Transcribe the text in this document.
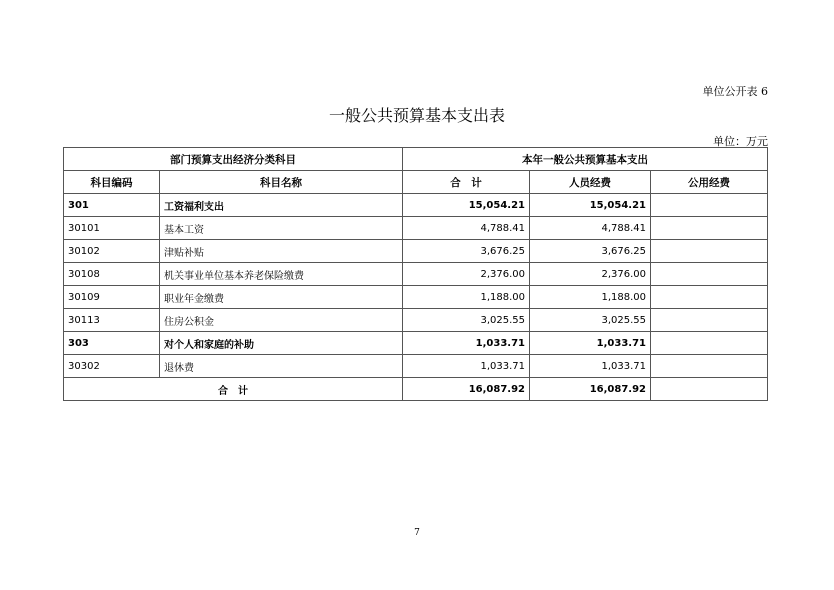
单位公开表 6
一般公共预算基本支出表
单位：万元
部门预算支出经济分类科目		本年一般公共预算基本支出		
科目编码	科目名称	合　计	人员经费	公用经费
301	工资福利支出	15,054.21	15,054.21	
30101	基本工资	4,788.41	4,788.41	
30102	津贴补贴	3,676.25	3,676.25	
30108	机关事业单位基本养老保险缴费	2,376.00	2,376.00	
30109	职业年金缴费	1,188.00	1,188.00	
30113	住房公积金	3,025.55	3,025.55	
303	对个人和家庭的补助	1,033.71	1,033.71	
30302	退休费	1,033.71	1,033.71	
合　计		16,087.92	16,087.92	
7
